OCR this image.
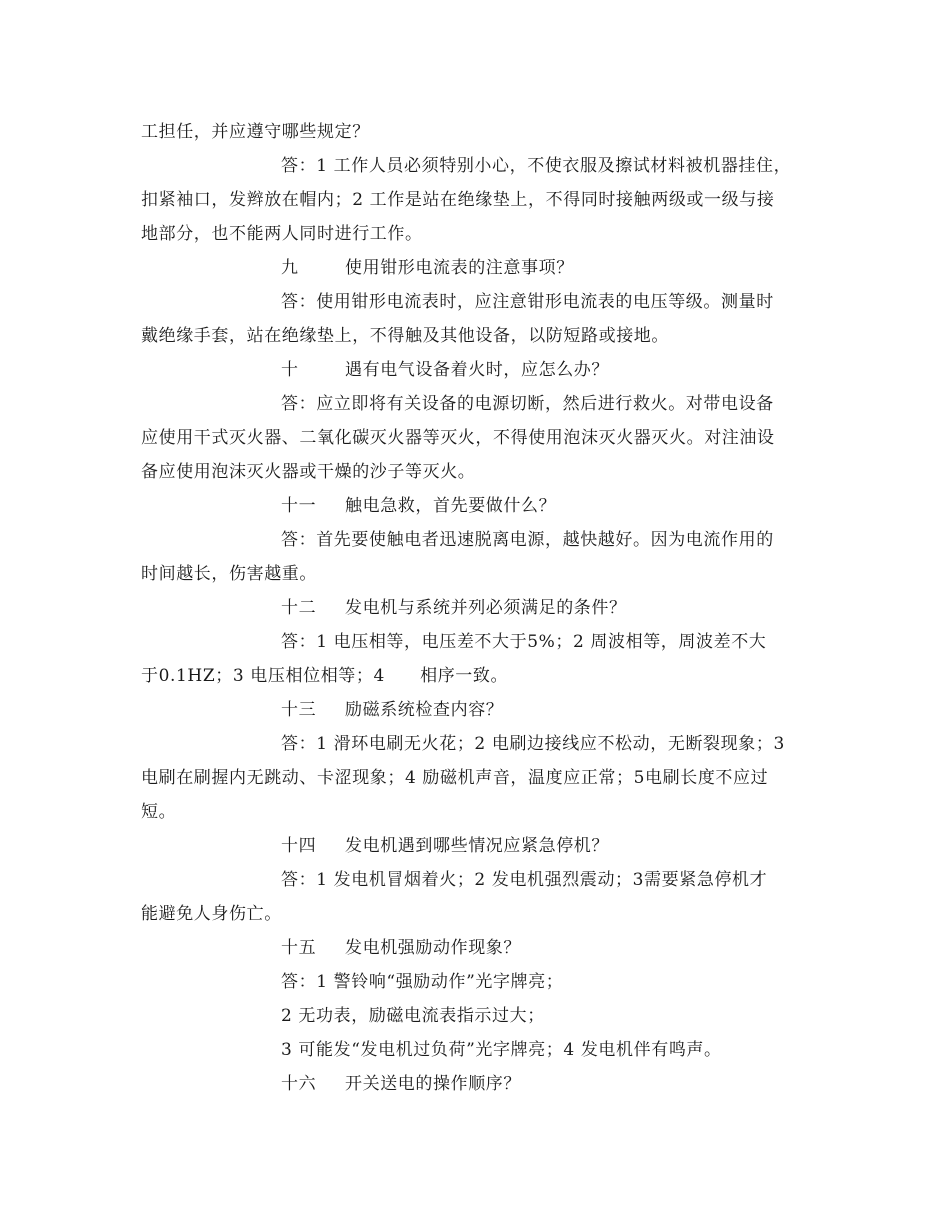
工担任，并应遵守哪些规定？
答：1 工作人员必须特别小心，不使衣服及擦试材料被机器挂住，
扣紧袖口，发辫放在帽内；2 工作是站在绝缘垫上，不得同时接触两级或一级与接
地部分，也不能两人同时进行工作。
九	使用钳形电流表的注意事项？
答：使用钳形电流表时，应注意钳形电流表的电压等级。测量时
戴绝缘手套，站在绝缘垫上，不得触及其他设备，以防短路或接地。
十	遇有电气设备着火时，应怎么办？
答：应立即将有关设备的电源切断，然后进行救火。对带电设备
应使用干式灭火器、二氧化碳灭火器等灭火，不得使用泡沫灭火器灭火。对注油设
备应使用泡沫灭火器或干燥的沙子等灭火。
十一 触电急救，首先要做什么？
答：首先要使触电者迅速脱离电源，越快越好。因为电流作用的
时间越长，伤害越重。
十二 发电机与系统并列必须满足的条件？
答：1 电压相等，电压差不大于5%；2 周波相等，周波差不大
于0.1HZ；3 电压相位相等；4　　相序一致。
十三 励磁系统检查内容？
答：1 滑环电刷无火花；2 电刷边接线应不松动，无断裂现象；3
电刷在刷握内无跳动、卡涩现象；4 励磁机声音，温度应正常；5电刷长度不应过
短。
十四 发电机遇到哪些情况应紧急停机？
答：1 发电机冒烟着火；2 发电机强烈震动；3需要紧急停机才
能避免人身伤亡。
十五 发电机强励动作现象？
答：1 警铃响“强励动作”光字牌亮；
2 无功表，励磁电流表指示过大；
3 可能发“发电机过负荷”光字牌亮；4 发电机伴有鸣声。
十六 开关送电的操作顺序？
